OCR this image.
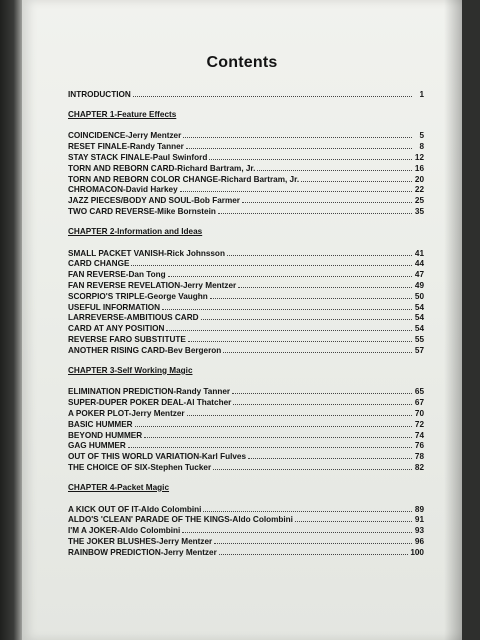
Contents
INTRODUCTION	1
CHAPTER 1-Feature Effects
COINCIDENCE-Jerry Mentzer	5
RESET FINALE-Randy Tanner	8
STAY STACK FINALE-Paul Swinford	12
TORN AND REBORN CARD-Richard Bartram, Jr.	16
TORN AND REBORN COLOR CHANGE-Richard Bartram, Jr.	20
CHROMACON-David Harkey	22
JAZZ PIECES/BODY AND SOUL-Bob Farmer	25
TWO CARD REVERSE-Mike Bornstein	35
CHAPTER 2-Information and Ideas
SMALL PACKET VANISH-Rick Johnsson	41
CARD CHANGE	44
FAN REVERSE-Dan Tong	47
FAN REVERSE REVELATION-Jerry Mentzer	49
SCORPIO'S TRIPLE-George Vaughn	50
USEFUL INFORMATION	54
LARREVERSE-AMBITIOUS CARD	54
CARD AT ANY POSITION	54
REVERSE FARO SUBSTITUTE	55
ANOTHER RISING CARD-Bev Bergeron	57
CHAPTER 3-Self Working Magic
ELIMINATION PREDICTION-Randy Tanner	65
SUPER-DUPER POKER DEAL-Al Thatcher	67
A POKER PLOT-Jerry Mentzer	70
BASIC HUMMER	72
BEYOND HUMMER	74
GAG HUMMER	76
OUT OF THIS WORLD VARIATION-Karl Fulves	78
THE CHOICE OF SIX-Stephen Tucker	82
CHAPTER 4-Packet Magic
A KICK OUT OF IT-Aldo Colombini	89
ALDO'S 'CLEAN' PARADE OF THE KINGS-Aldo Colombini	91
I'M A JOKER-Aldo Colombini	93
THE JOKER BLUSHES-Jerry Mentzer	96
RAINBOW PREDICTION-Jerry Mentzer	100
